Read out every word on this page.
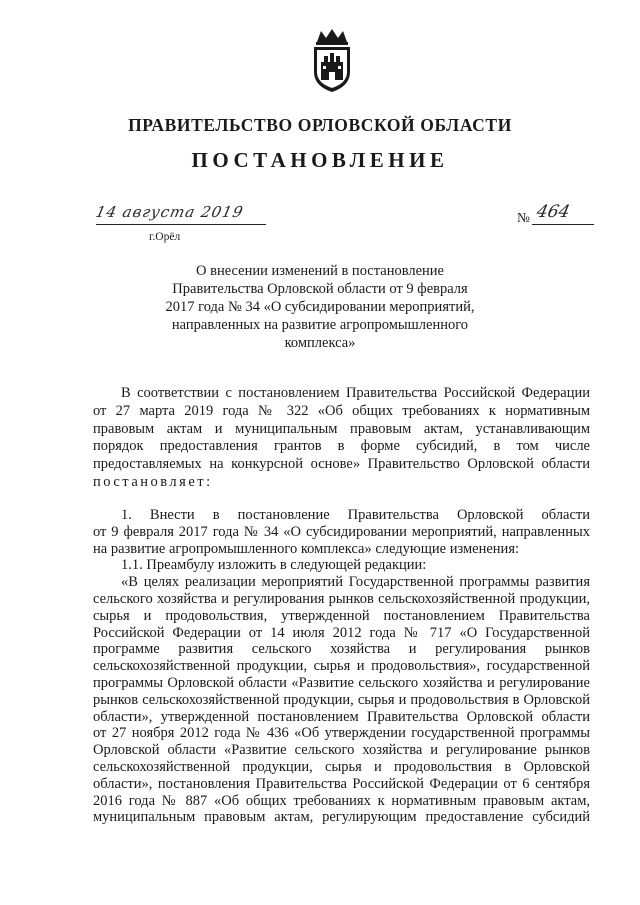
ПРАВИТЕЛЬСТВО ОРЛОВСКОЙ ОБЛАСТИ
ПОСТАНОВЛЕНИЕ
14 августа 2019
г.Орёл
№ 464
О внесении изменений в постановление
Правительства Орловской области от 9 февраля
2017 года № 34 «О субсидировании мероприятий,
направленных на развитие агропромышленного
комплекса»
В соответствии с постановлением Правительства Российской Федерации
от 27 марта 2019 года № 322 «Об общих требованиях к нормативным
правовым актам и муниципальным правовым актам, устанавливающим
порядок предоставления грантов в форме субсидий, в том числе
предоставляемых на конкурсной основе» Правительство Орловской области
постановляет:
1. Внести в постановление Правительства Орловской области
от 9 февраля 2017 года № 34 «О субсидировании мероприятий, направленных
на развитие агропромышленного комплекса» следующие изменения:
1.1. Преамбулу изложить в следующей редакции:
«В целях реализации мероприятий Государственной программы развития
сельского хозяйства и регулирования рынков сельскохозяйственной продукции,
сырья и продовольствия, утвержденной постановлением Правительства
Российской Федерации от 14 июля 2012 года № 717 «О Государственной
программе развития сельского хозяйства и регулирования рынков
сельскохозяйственной продукции, сырья и продовольствия», государственной
программы Орловской области «Развитие сельского хозяйства и регулирование
рынков сельскохозяйственной продукции, сырья и продовольствия в Орловской
области», утвержденной постановлением Правительства Орловской области
от 27 ноября 2012 года № 436 «Об утверждении государственной программы
Орловской области «Развитие сельского хозяйства и регулирование рынков
сельскохозяйственной продукции, сырья и продовольствия в Орловской
области», постановления Правительства Российской Федерации от 6 сентября
2016 года № 887 «Об общих требованиях к нормативным правовым актам,
муниципальным правовым актам, регулирующим предоставление субсидий
